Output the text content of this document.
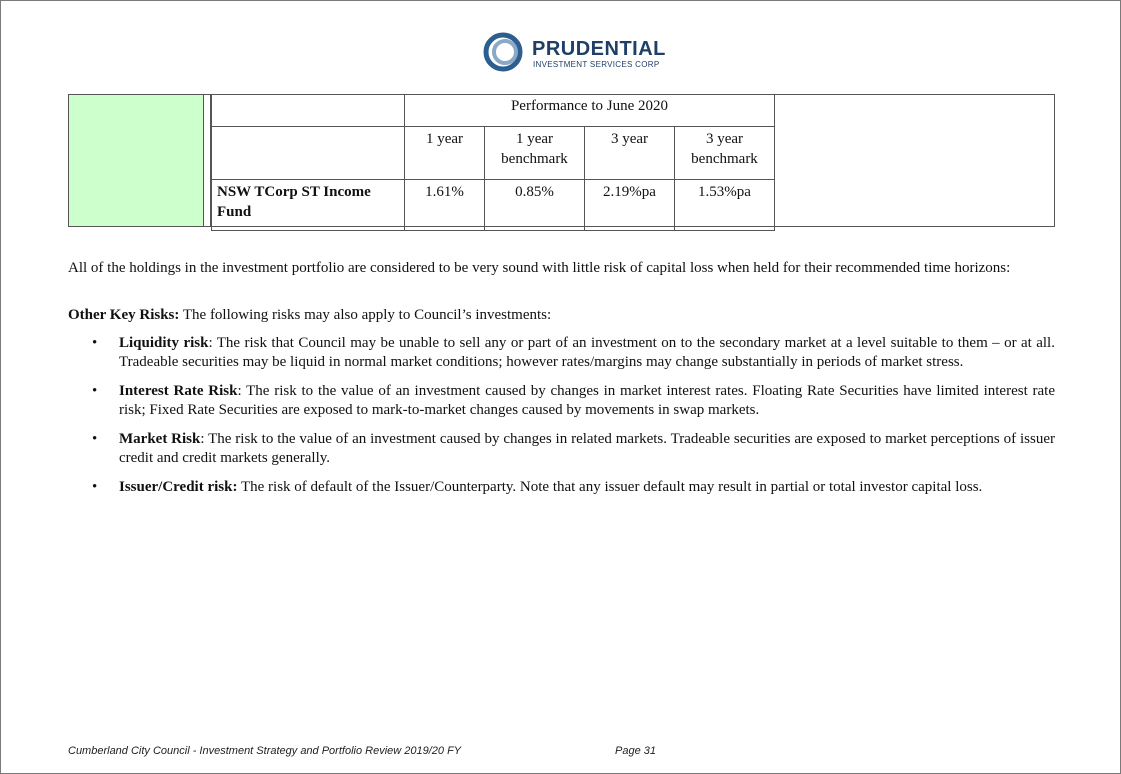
PRUDENTIAL
INVESTMENT SERVICES CORP
	Performance to June 2020			
	1 year	1 year benchmark	3 year	3 year benchmark
NSW TCorp ST Income Fund	1.61%	0.85%	2.19%pa	1.53%pa

All of the holdings in the investment portfolio are considered to be very sound with little risk of capital loss when held for their recommended time horizons:

Other Key Risks: The following risks may also apply to Council’s investments:

• Liquidity risk: The risk that Council may be unable to sell any or part of an investment on to the secondary market at a level suitable to them – or at all. Tradeable securities may be liquid in normal market conditions; however rates/margins may change substantially in periods of market stress.
• Interest Rate Risk: The risk to the value of an investment caused by changes in market interest rates. Floating Rate Securities have limited interest rate risk; Fixed Rate Securities are exposed to mark-to-market changes caused by movements in swap markets.
• Market Risk: The risk to the value of an investment caused by changes in related markets. Tradeable securities are exposed to market perceptions of issuer credit and credit markets generally.
• Issuer/Credit risk: The risk of default of the Issuer/Counterparty. Note that any issuer default may result in partial or total investor capital loss.
Cumberland City Council - Investment Strategy and Portfolio Review 2019/20 FY	Page 31
